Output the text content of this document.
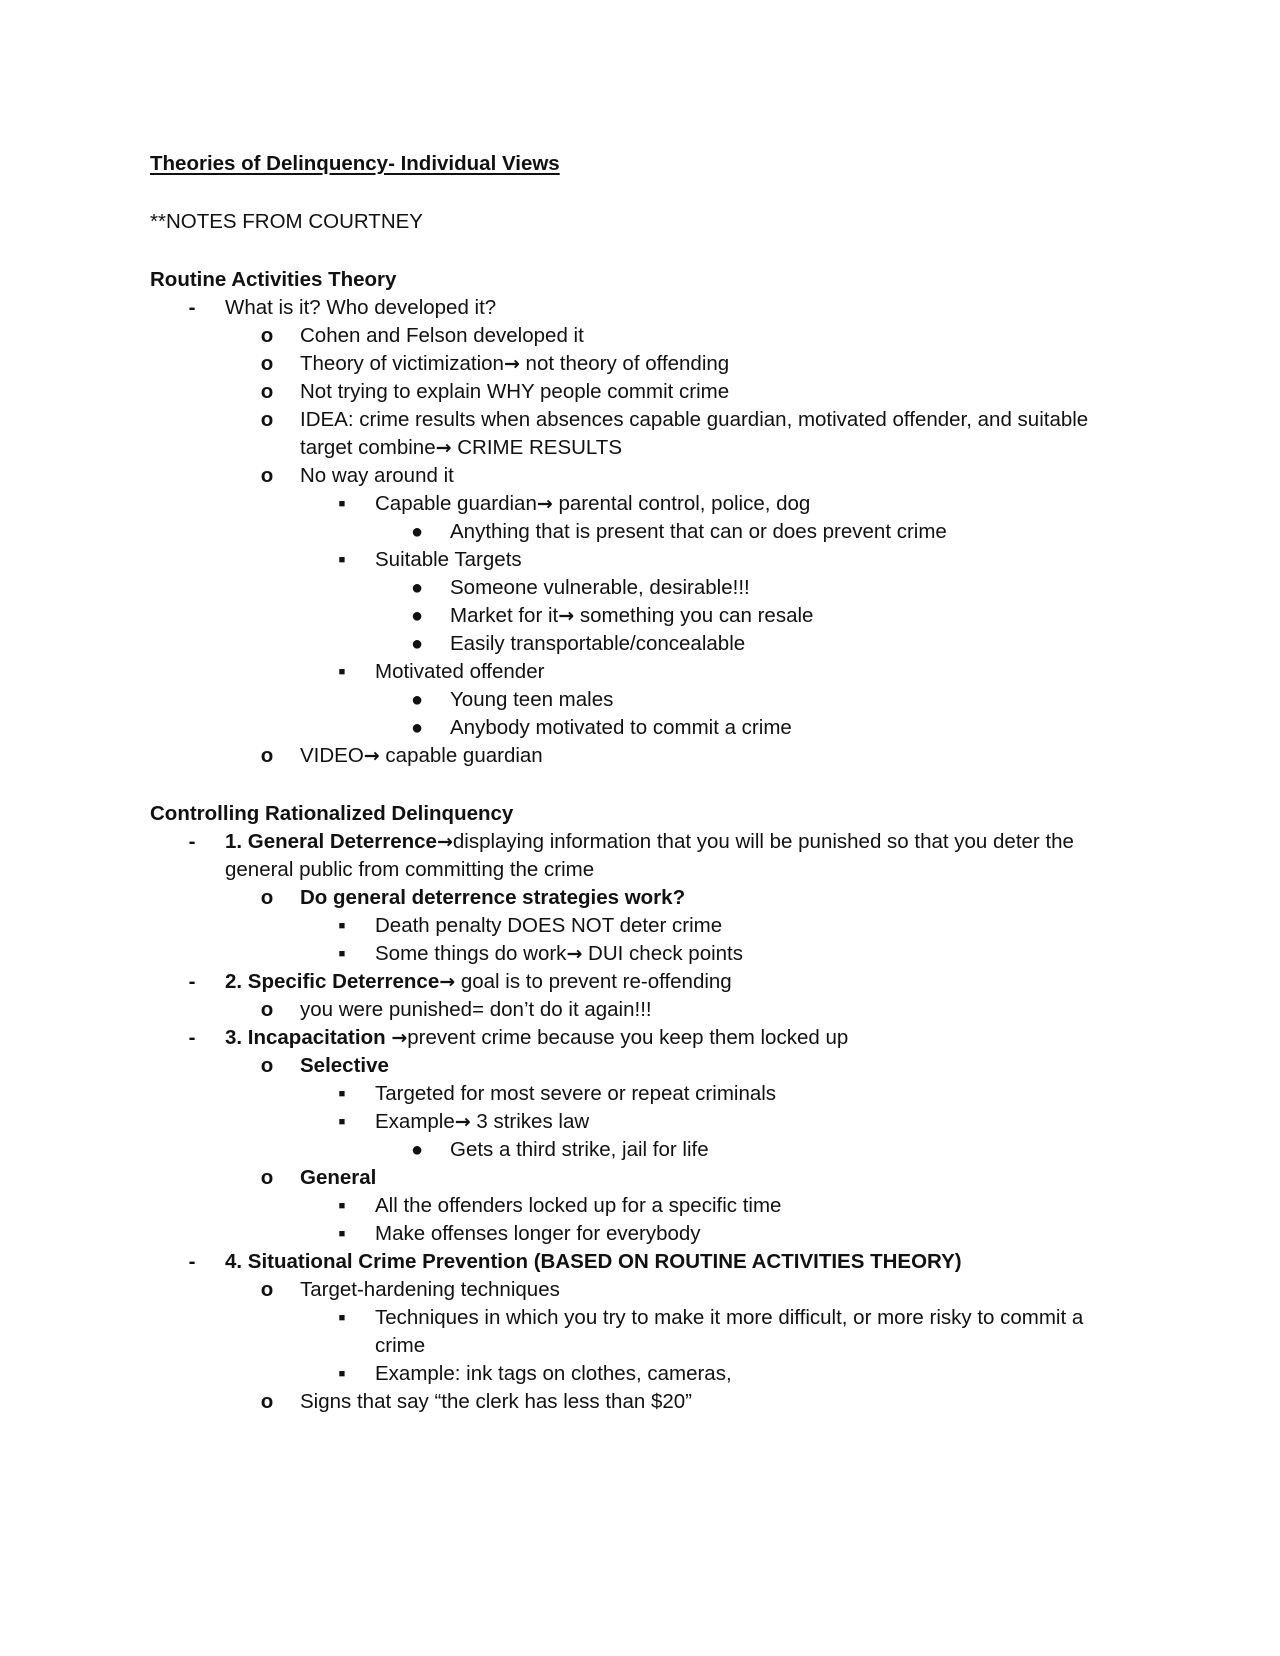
Theories of Delinquency- Individual Views
**NOTES FROM COURTNEY
Routine Activities Theory
-	What is it? Who developed it?
o Cohen and Felson developed it
o Theory of victimization→ not theory of offending
o Not trying to explain WHY people commit crime
o IDEA: crime results when absences capable guardian, motivated offender, and suitable target combine→ CRIME RESULTS
o No way around it
■	Capable guardian→ parental control, police, dog
● Anything that is present that can or does prevent crime
■	Suitable Targets
● Someone vulnerable, desirable!!!
● Market for it→ something you can resale
● Easily transportable/concealable
■	Motivated offender
● Young teen males
● Anybody motivated to commit a crime
o VIDEO→ capable guardian
Controlling Rationalized Delinquency
-	1. General Deterrence→displaying information that you will be punished so that you deter the general public from committing the crime
o Do general deterrence strategies work?
■	Death penalty DOES NOT deter crime
■	Some things do work→ DUI check points
-	2. Specific Deterrence→ goal is to prevent re-offending
o you were punished= don’t do it again!!!
-	3. Incapacitation →prevent crime because you keep them locked up
o Selective
■	Targeted for most severe or repeat criminals
■	Example→ 3 strikes law
● Gets a third strike, jail for life
o General
■	All the offenders locked up for a specific time
■	Make offenses longer for everybody
-	4. Situational Crime Prevention (BASED ON ROUTINE ACTIVITIES THEORY)
o Target-hardening techniques
■	Techniques in which you try to make it more difficult, or more risky to commit a crime
■	Example: ink tags on clothes, cameras,
o Signs that say “the clerk has less than $20”
